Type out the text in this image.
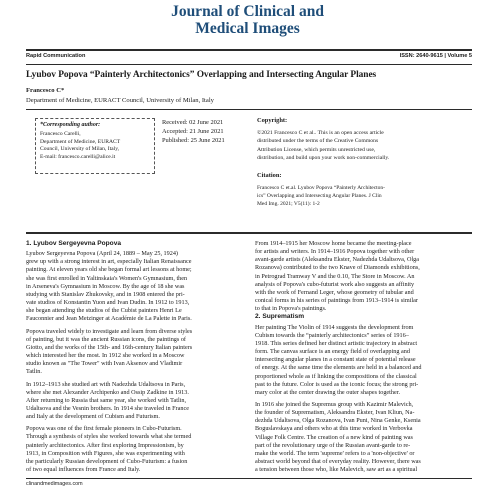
Journal of Clinical and
Medical Images
Rapid Communication	ISSN: 2640-9615 | Volume 5
Lyubov Popova “Painterly Architectonics” Overlapping and Intersecting Angular Planes
Francesco C*
Department of Medicine, EURACT Council, University of Milan, Italy
*Corresponding author:
Francesco Carelli,
Department of Medicine, EURACT
Council, University of Milan, Italy,
E-mail: francesco.carelli@alice.it
Received: 02 June 2021
Accepted: 21 June 2021
Published: 25 June 2021
Copyright:
©2021 Francesco C et al.. This is an open access article
distributed under the terms of the Creative Commons
Attribution License, which permits unrestricted use,
distribution, and build upon your work non-commercially.
Citation:
Francesco C et.al. Lyubov Popova “Painterly Architecton-
ics” Overlapping and Intersecting Angular Planes. J Clin
Med Img. 2021; V5(11): 1-2
1. Lyubov Sergeyevna Popova
Lyubov Sergeyevna Popova (April 24, 1889 – May 25, 1924)
grew up with a strong interest in art, especially Italian Renaissance
painting. At eleven years old she began formal art lessons at home;
she was first enrolled in Yaltinskaia's Women's Gymnasium, then
in Arseneva's Gymnasium in Moscow. By the age of 18 she was
studying with Stanislav Zhukovsky, and in 1908 entered the pri-
vate studios of Konstantin Yuon and Ivan Dudin. In 1912 to 1913,
she began attending the studios of the Cubist painters Henri Le
Fauconnier and Jean Metzinger at Académie de La Palette in Paris.
Popova traveled widely to investigate and learn from diverse styles
of painting, but it was the ancient Russian icons, the paintings of
Giotto, and the works of the 15th- and 16th-century Italian painters
which interested her the most. In 1912 she worked in a Moscow
studio known as "The Tower" with Ivan Aksenov and Vladimir
Tatlin.
In 1912–1913 she studied art with Nadezhda Udaltsova in Paris,
where she met Alexander Archipenko and Ossip Zadkine in 1913.
After returning to Russia that same year, she worked with Tatlin,
Udaltsova and the Vesnin brothers. In 1914 she traveled in France
and Italy at the development of Cubism and Futurism.
Popova was one of the first female pioneers in Cubo-Futurism.
Through a synthesis of styles she worked towards what she termed
painterly architectonics. After first exploring Impressionism, by
1913, in Composition with Figures, she was experimenting with
the particularly Russian development of Cubo-Futurism: a fusion
of two equal influences from France and Italy.
From 1914–1915 her Moscow home became the meeting-place
for artists and writers. In 1914–1916 Popova together with other
avant-garde artists (Aleksandra Ekster, Nadezhda Udaltsova, Olga
Rozanova) contributed to the two Knave of Diamonds exhibitions,
in Petrograd Tramway V and the 0.10, The Store in Moscow. An
analysis of Popova's cubo-futurist work also suggests an affinity
with the work of Fernand Leger, whose geometry of tubular and
conical forms in his series of paintings from 1913–1914 is similar
to that in Popova's paintings.
2. Suprematism
Her painting The Violin of 1914 suggests the development from
Cubism towards the “painterly architectonics” series of 1916–
1918. This series defined her distinct artistic trajectory in abstract
form. The canvas surface is an energy field of overlapping and
intersecting angular planes in a constant state of potential release
of energy. At the same time the elements are held in a balanced and
proportioned whole as if linking the compositions of the classical
past to the future. Color is used as the iconic focus; the strong pri-
mary color at the center drawing the outer shapes together.
In 1916 she joined the Supremus group with Kazimir Malevich,
the founder of Suprematism, Aleksandra Ekster, Ivan Kliun, Na-
dezhda Udaltsova, Olga Rozanova, Ivan Puni, Nina Genke, Ksenia
Boguslavskaya and others who at this time worked in Verbovka
Village Folk Centre. The creation of a new kind of painting was
part of the revolutionary urge of the Russian avant-garde to re-
make the world. The term 'supreme' refers to a 'non-objective' or
abstract world beyond that of everyday reality. However, there was
a tension between those who, like Malevich, saw art as a spiritual
clinandmedimages.com
